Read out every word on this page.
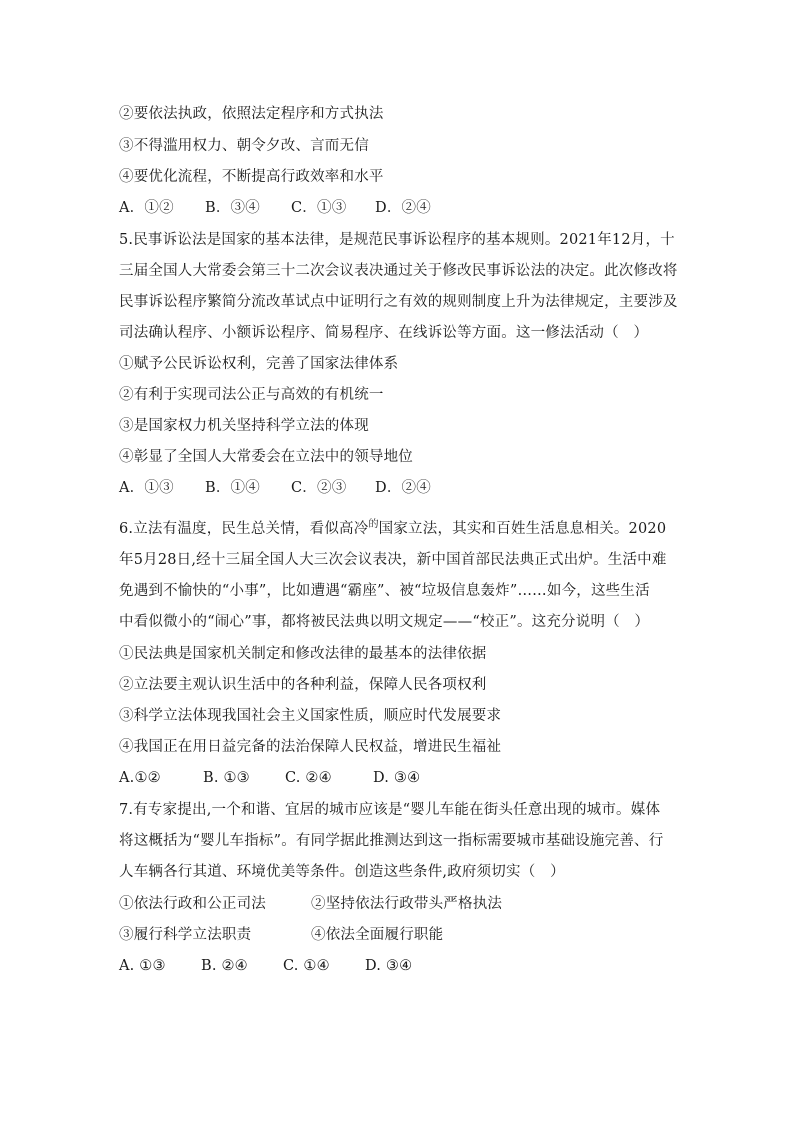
②要依法执政，依照法定程序和方式执法
③不得滥用权力、朝令夕改、言而无信
④要优化流程，不断提高行政效率和水平
A．①②	B．③④	C．①③	D．②④
5.民事诉讼法是国家的基本法律，是规范民事诉讼程序的基本规则。2021年12月，十
三届全国人大常委会第三十二次会议表决通过关于修改民事诉讼法的决定。此次修改将
民事诉讼程序繁简分流改革试点中证明行之有效的规则制度上升为法律规定，主要涉及
司法确认程序、小额诉讼程序、简易程序、在线诉讼等方面。这一修法活动（　）
①赋予公民诉讼权利，完善了国家法律体系
②有利于实现司法公正与高效的有机统一
③是国家权力机关坚持科学立法的体现
④彰显了全国人大常委会在立法中的领导地位
A．①③	B．①④	C．②③	D．②④
6.立法有温度，民生总关情，看似高冷$^的$国家立法，其实和百姓生活息息相关。2020
年5月28日,经十三届全国人大三次会议表决，新中国首部民法典正式出炉。生活中难
免遇到不愉快的“小事”，比如遭遇“霸座”、被“垃圾信息轰炸”……如今，这些生活
中看似微小的“闹心”事，都将被民法典以明文规定——“校正”。这充分说明（　）
①民法典是国家机关制定和修改法律的最基本的法律依据
②立法要主观认识生活中的各种利益，保障人民各项权利
③科学立法体现我国社会主义国家性质，顺应时代发展要求
④我国正在用日益完备的法治保障人民权益，增进民生福祉
A.①②	B. ①③	C. ②④	D. ③④
7.有专家提出,一个和谐、宜居的城市应该是“婴儿车能在街头任意出现的城市。媒体
将这概括为“婴儿车指标”。有同学据此推测达到这一指标需要城市基础设施完善、行
人车辆各行其道、环境优美等条件。创造这些条件,政府须切实（　）
①依法行政和公正司法	②坚持依法行政带头严格执法
③履行科学立法职责	④依法全面履行职能
A. ①③	B. ②④	C. ①④	D. ③④
